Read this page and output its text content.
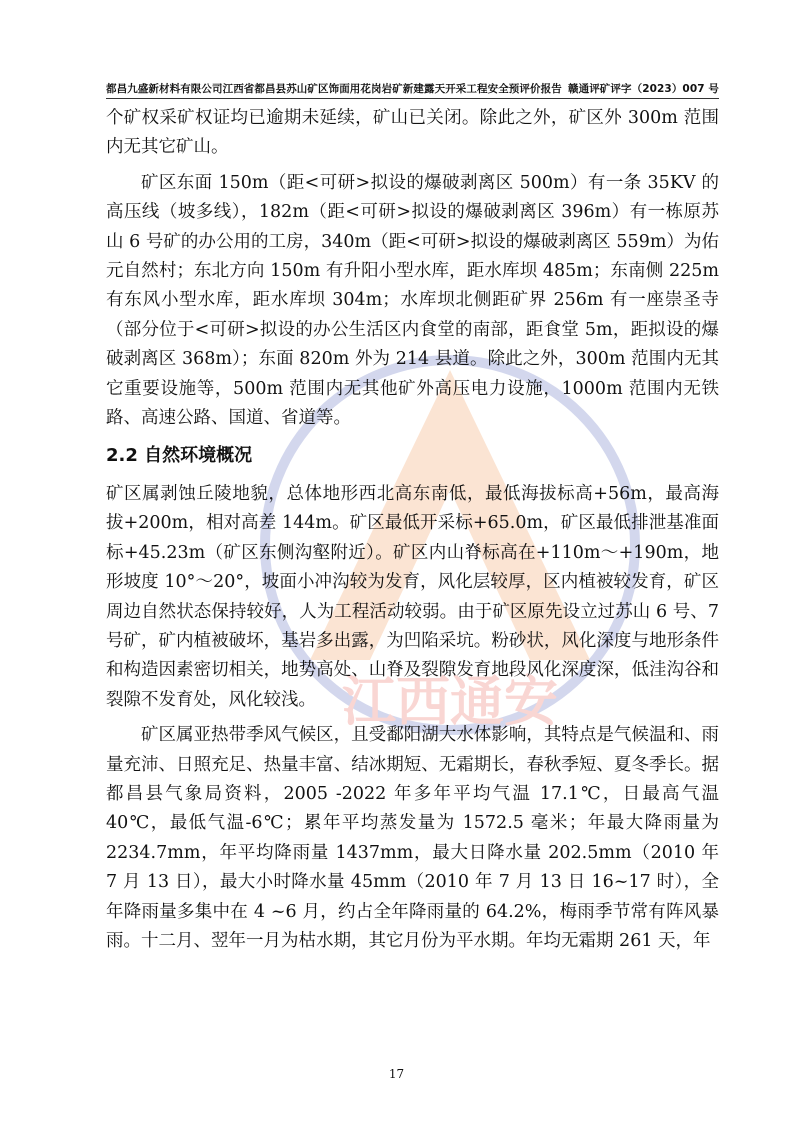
都昌九盛新材料有限公司江西省都昌县苏山矿区饰面用花岗岩矿新建露天开采工程安全预评价报告 赣通评矿评字（2023）007 号
江西通安

个矿权采矿权证均已逾期未延续，矿山已关闭。除此之外，矿区外 300m 范围内无其它矿山。

矿区东面 150m（距<可研>拟设的爆破剥离区 500m）有一条 35KV 的高压线（坡多线），182m（距<可研>拟设的爆破剥离区 396m）有一栋原苏山 6 号矿的办公用的工房，340m（距<可研>拟设的爆破剥离区 559m）为佑元自然村；东北方向 150m 有升阳小型水库，距水库坝 485m；东南侧 225m 有东风小型水库，距水库坝 304m；水库坝北侧距矿界 256m 有一座崇圣寺（部分位于<可研>拟设的办公生活区内食堂的南部，距食堂 5m，距拟设的爆破剥离区 368m）；东面 820m 外为 214 县道。除此之外，300m 范围内无其它重要设施等，500m 范围内无其他矿外高压电力设施，1000m 范围内无铁路、高速公路、国道、省道等。

2.2 自然环境概况

矿区属剥蚀丘陵地貌，总体地形西北高东南低，最低海拔标高+56m，最高海拔+200m，相对高差 144m。矿区最低开采标+65.0m，矿区最低排泄基准面标+45.23m（矿区东侧沟壑附近）。矿区内山脊标高在+110m～+190m，地形坡度 10°～20°，坡面小冲沟较为发育，风化层较厚，区内植被较发育，矿区周边自然状态保持较好，人为工程活动较弱。由于矿区原先设立过苏山 6 号、7 号矿，矿内植被破坏，基岩多出露，为凹陷采坑。粉砂状，风化深度与地形条件和构造因素密切相关，地势高处、山脊及裂隙发育地段风化深度深，低洼沟谷和裂隙不发育处，风化较浅。

矿区属亚热带季风气候区，且受鄱阳湖大水体影响，其特点是气候温和、雨量充沛、日照充足、热量丰富、结冰期短、无霜期长，春秋季短、夏冬季长。据都昌县气象局资料，2005 -2022 年多年平均气温 17.1℃，日最高气温 40℃，最低气温-6℃；累年平均蒸发量为 1572.5 毫米；年最大降雨量为 2234.7mm，年平均降雨量 1437mm，最大日降水量 202.5mm（2010 年 7 月 13 日），最大小时降水量 45mm（2010 年 7 月 13 日 16~17 时），全年降雨量多集中在 4 ~6 月，约占全年降雨量的 64.2%，梅雨季节常有阵风暴雨。十二月、翌年一月为枯水期，其它月份为平水期。年均无霜期 261 天，年

17
